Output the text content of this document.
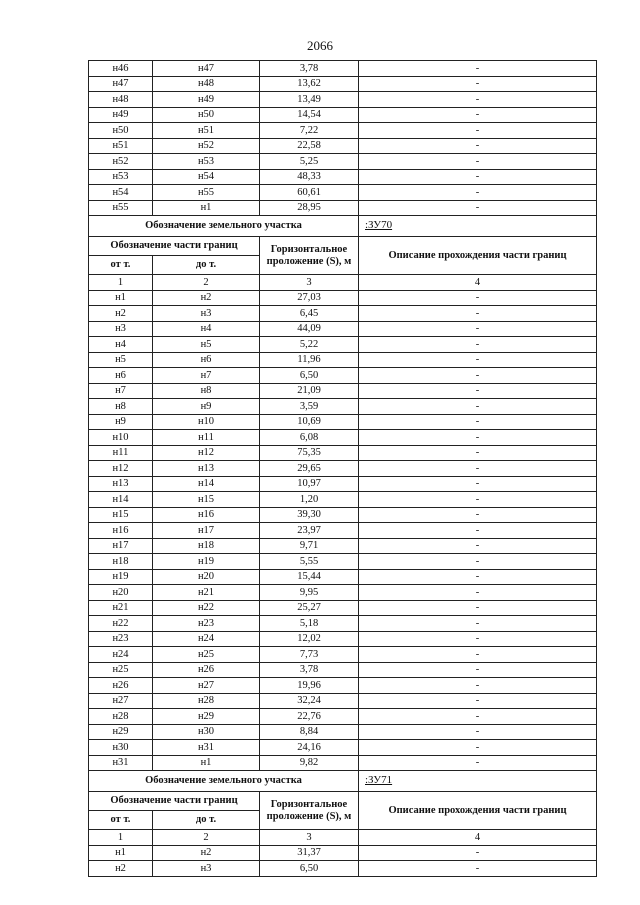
2066
н46	н47	3,78	-
н47	н48	13,62	-
н48	н49	13,49	-
н49	н50	14,54	-
н50	н51	7,22	-
н51	н52	22,58	-
н52	н53	5,25	-
н53	н54	48,33	-
н54	н55	60,61	-
н55	н1	28,95	-
Обозначение земельного участка			:ЗУ70
Обозначение части границ		Горизонтальное проложение (S), м	Описание прохождения части границ
от т.	до т.		
1	2	3	4
н1	н2	27,03	-
н2	н3	6,45	-
н3	н4	44,09	-
н4	н5	5,22	-
н5	н6	11,96	-
н6	н7	6,50	-
н7	н8	21,09	-
н8	н9	3,59	-
н9	н10	10,69	-
н10	н11	6,08	-
н11	н12	75,35	-
н12	н13	29,65	-
н13	н14	10,97	-
н14	н15	1,20	-
н15	н16	39,30	-
н16	н17	23,97	-
н17	н18	9,71	-
н18	н19	5,55	-
н19	н20	15,44	-
н20	н21	9,95	-
н21	н22	25,27	-
н22	н23	5,18	-
н23	н24	12,02	-
н24	н25	7,73	-
н25	н26	3,78	-
н26	н27	19,96	-
н27	н28	32,24	-
н28	н29	22,76	-
н29	н30	8,84	-
н30	н31	24,16	-
н31	н1	9,82	-
Обозначение земельного участка			:ЗУ71
Обозначение части границ		Горизонтальное проложение (S), м	Описание прохождения части границ
от т.	до т.		
1	2	3	4
н1	н2	31,37	-
н2	н3	6,50	-
